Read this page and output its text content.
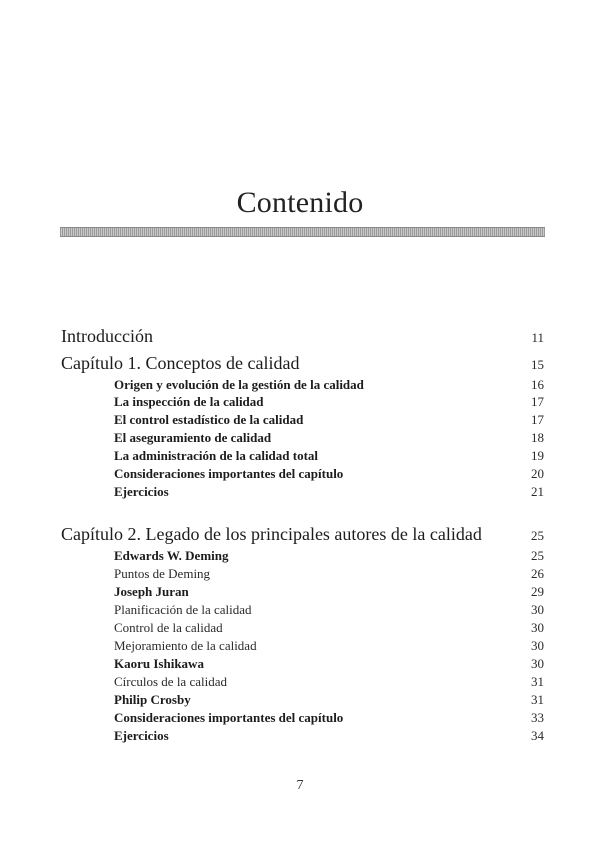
Contenido
Introducción	11
Capítulo 1. Conceptos de calidad	15
Origen y evolución de la gestión de la calidad	16
La inspección de la calidad	17
El control estadístico de la calidad	17
El aseguramiento de calidad	18
La administración de la calidad total	19
Consideraciones importantes del capítulo	20
Ejercicios	21
Capítulo 2. Legado de los principales autores de la calidad	25
Edwards W. Deming	25
Puntos de Deming	26
Joseph Juran	29
Planificación de la calidad	30
Control de la calidad	30
Mejoramiento de la calidad	30
Kaoru Ishikawa	30
Círculos de la calidad	31
Philip Crosby	31
Consideraciones importantes del capítulo	33
Ejercicios	34
7
